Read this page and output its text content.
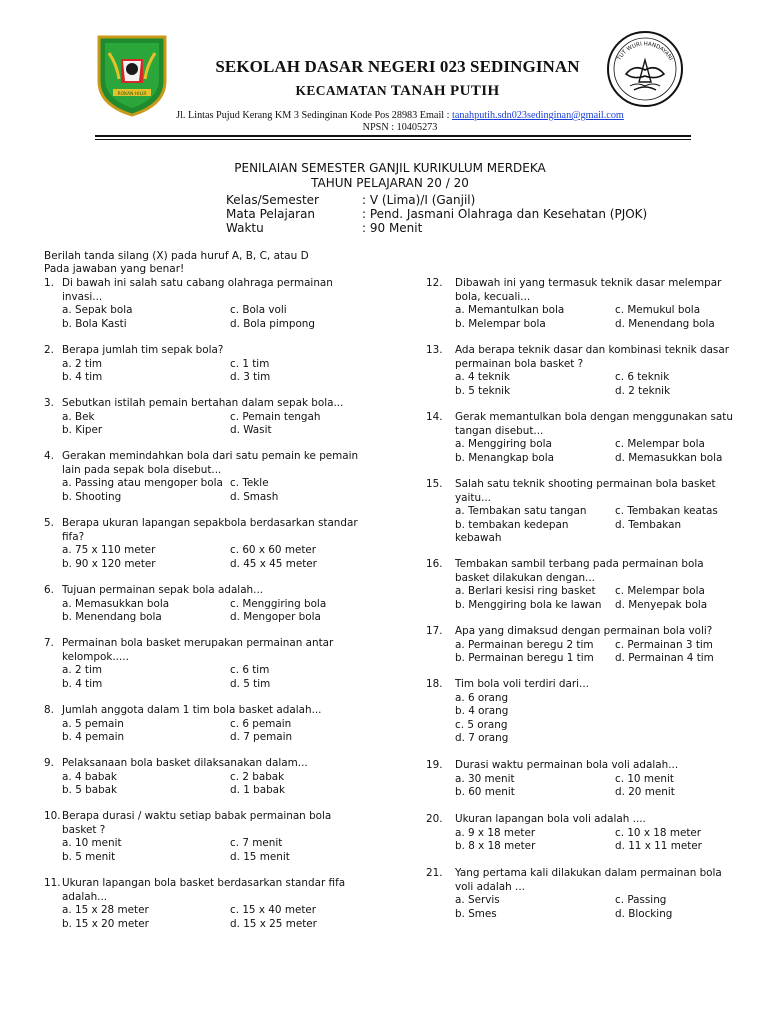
ROKAN HILIR
TUT WURI HANDAYANI
SEKOLAH DASAR NEGERI 023 SEDINGINAN
KECAMATAN TANAH PUTIH
Jl. Lintas Pujud Kerang KM 3 Sedinginan Kode Pos 28983 Email : tanahputih.sdn023sedinginan@gmail.com
NPSN : 10405273
PENILAIAN SEMESTER GANJIL KURIKULUM MERDEKA
TAHUN PELAJARAN 20 / 20
Kelas/Semester	: V (Lima)/I (Ganjil)
Mata Pelajaran	: Pend. Jasmani Olahraga dan Kesehatan (PJOK)
Waktu	: 90 Menit
Berilah tanda silang (X) pada huruf A, B, C, atau D
Pada jawaban yang benar!
1. Di bawah ini salah satu cabang olahraga permainan invasi...
a. Sepak bola	c. Bola voli
b. Bola Kasti	d. Bola pimpong
2. Berapa jumlah tim sepak bola?
a. 2 tim	c. 1 tim
b. 4 tim	d. 3 tim
3. Sebutkan istilah pemain bertahan dalam sepak bola...
a. Bek	c. Pemain tengah
b. Kiper	d. Wasit
4. Gerakan memindahkan bola dari satu pemain ke pemain lain pada sepak bola disebut...
a. Passing atau mengoper bola c. Tekle
b. Shooting	d. Smash
5. Berapa ukuran lapangan sepakbola berdasarkan standar fifa?
a. 75 x 110 meter	c. 60 x 60 meter
b. 90 x 120 meter	d. 45 x 45 meter
6. Tujuan permainan sepak bola adalah...
a. Memasukkan bola	c. Menggiring bola
b. Menendang bola	d. Mengoper bola
7. Permainan bola basket merupakan permainan antar kelompok.....
a. 2 tim	c. 6 tim
b. 4 tim	d. 5 tim
8. Jumlah anggota dalam 1 tim bola basket adalah...
a. 5 pemain	c. 6 pemain
b. 4 pemain	d. 7 pemain
9. Pelaksanaan bola basket dilaksanakan dalam...
a. 4 babak	c. 2 babak
b. 5 babak	d. 1 babak
10. Berapa durasi / waktu setiap babak permainan bola basket ?
a. 10 menit	c. 7 menit
b. 5 menit	d. 15 menit
11. Ukuran lapangan bola basket berdasarkan standar fifa adalah...
a. 15 x 28 meter	c. 15 x 40 meter
b. 15 x 20 meter	d. 15 x 25 meter
12.	Dibawah ini yang termasuk teknik dasar melempar bola, kecuali...
a. Memantulkan bola	c. Memukul bola
b. Melempar bola	d. Menendang bola
13.	Ada berapa teknik dasar dan kombinasi teknik dasar permainan bola basket ?
a. 4 teknik	c. 6 teknik
b. 5 teknik	d. 2 teknik
14.	Gerak memantulkan bola dengan menggunakan satu tangan disebut...
a. Menggiring bola	c. Melempar bola
b. Menangkap bola	d. Memasukkan bola
15.	Salah satu teknik shooting permainan bola basket yaitu...
a. Tembakan satu tangan	c. Tembakan keatas
b. tembakan kedepan	d. Tembakan
kebawah
16.	Tembakan sambil terbang pada permainan bola basket dilakukan dengan...
a. Berlari kesisi ring basket	c. Melempar bola
b. Menggiring bola ke lawan	d. Menyepak bola
17.	Apa yang dimaksud dengan permainan bola voli?
a. Permainan beregu 2 tim	c. Permainan 3 tim
b. Permainan beregu 1 tim	d. Permainan 4 tim
18.	Tim bola voli terdiri dari...
a. 6 orang
b. 4 orang
c. 5 orang
d. 7 orang
19.	Durasi waktu permainan bola voli adalah...
a. 30 menit	c. 10 menit
b. 60 menit	d. 20 menit
20.	Ukuran lapangan bola voli adalah ....
a. 9 x 18 meter	c. 10 x 18 meter
b. 8 x 18 meter	d. 11 x 11 meter
21.	Yang pertama kali dilakukan dalam permainan bola voli adalah ...
a. Servis	c. Passing
b. Smes	d. Blocking
